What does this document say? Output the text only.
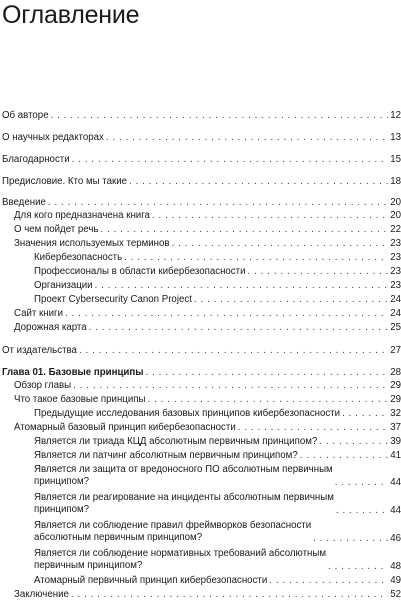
Оглавление
Об авторе . . .	12
О научных редакторах . . .	13
Благодарности . . .	15
Предисловие. Кто мы такие . . .	18
Введение . . .	20
Для кого предназначена книга . . .	20
О чем пойдет речь . . .	22
Значения используемых терминов . . .	23
Кибербезопасность . . .	23
Профессионалы в области кибербезопасности . . .	23
Организации . . .	23
Проект Cybersecurity Canon Project . . .	24
Сайт книги . . .	24
Дорожная карта . . .	25
От издательства . . .	27
Глава 01. Базовые принципы . . .	28
Обзор главы . . .	29
Что такое базовые принципы . . .	29
Предыдущие исследования базовых принципов кибербезопасности . . .	32
Атомарный базовый принцип кибербезопасности . . .	37
Является ли триада КЦД абсолютным первичным принципом? . . .	39
Является ли патчинг абсолютным первичным принципом? . . .	41
Является ли защита от вредоносного ПО абсолютным первичным
принципом? . . .	44
Является ли реагирование на инциденты абсолютным первичным
принципом? . . .	44
Является ли соблюдение правил фреймворков безопасности
абсолютным первичным принципом? . . .	46
Является ли соблюдение нормативных требований абсолютным
первичным принципом? . . .	48
Атомарный первичный принцип кибербезопасности . . .	49
Заключение . . .	52
